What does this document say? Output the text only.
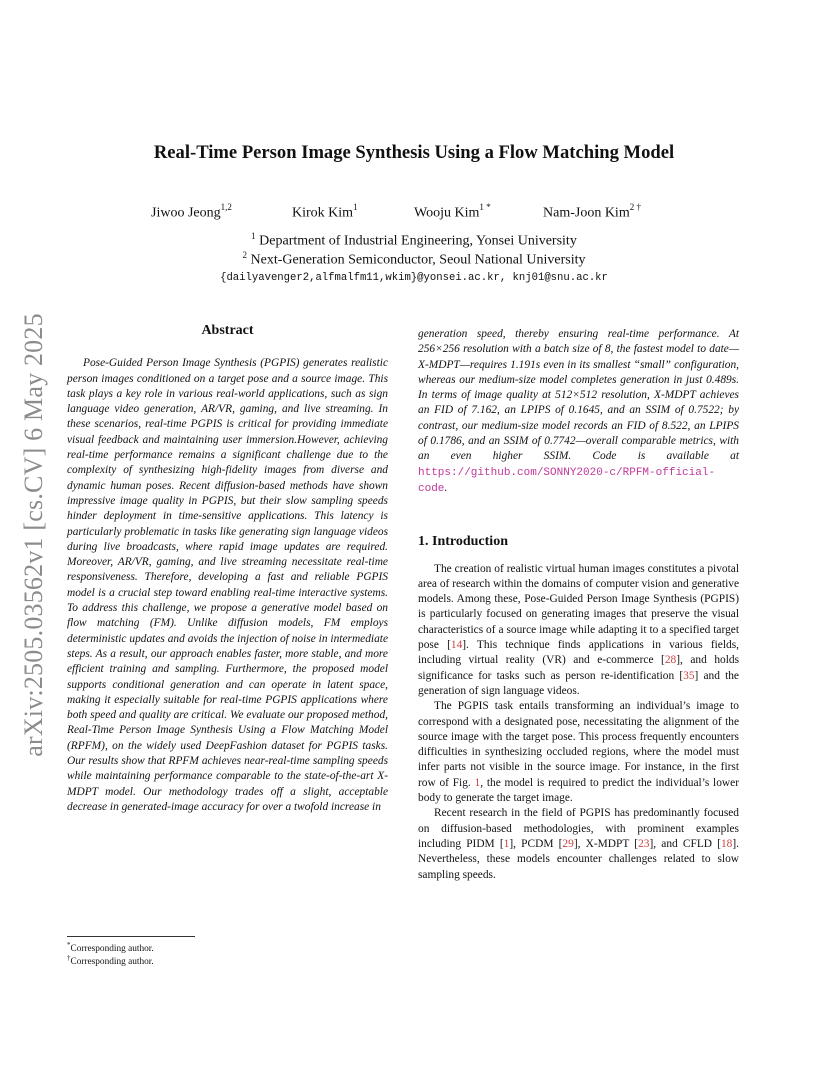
arXiv:2505.03562v1 [cs.CV] 6 May 2025
Real-Time Person Image Synthesis Using a Flow Matching Model
Jiwoo Jeong$^{1,2}$	Kirok Kim$^1$	Wooju Kim$^{1 *}$	Nam-Joon Kim$^{2 \dagger}$
$^1$ Department of Industrial Engineering, Yonsei University
$^2$ Next-Generation Semiconductor, Seoul National University
{dailyavenger2,alfmalfm11,wkim}@yonsei.ac.kr, knj01@snu.ac.kr
Abstract

Pose-Guided Person Image Synthesis (PGPIS) generates realistic person images conditioned on a target pose and a source image. This task plays a key role in various real-world applications, such as sign language video generation, AR/VR, gaming, and live streaming. In these scenarios, real-time PGPIS is critical for providing immediate visual feedback and maintaining user immersion.However, achieving real-time performance remains a significant challenge due to the complexity of synthesizing high-fidelity images from diverse and dynamic human poses. Recent diffusion-based methods have shown impressive image quality in PGPIS, but their slow sampling speeds hinder deployment in time-sensitive applications. This latency is particularly problematic in tasks like generating sign language videos during live broadcasts, where rapid image updates are required. Moreover, AR/VR, gaming, and live streaming necessitate real-time responsiveness. Therefore, developing a fast and reliable PGPIS model is a crucial step toward enabling real-time interactive systems. To address this challenge, we propose a generative model based on flow matching (FM). Unlike diffusion models, FM employs deterministic updates and avoids the injection of noise in intermediate steps. As a result, our approach enables faster, more stable, and more efficient training and sampling. Furthermore, the proposed model supports conditional generation and can operate in latent space, making it especially suitable for real-time PGPIS applications where both speed and quality are critical. We evaluate our proposed method, Real-Time Person Image Synthesis Using a Flow Matching Model (RPFM), on the widely used DeepFashion dataset for PGPIS tasks. Our results show that RPFM achieves near-real-time sampling speeds while maintaining performance comparable to the state-of-the-art X-MDPT model. Our methodology trades off a slight, acceptable decrease in generated-image accuracy for over a twofold increase in

generation speed, thereby ensuring real-time performance. At 256×256 resolution with a batch size of 8, the fastest model to date—X-MDPT—requires 1.191s even in its smallest “small” configuration, whereas our medium-size model completes generation in just 0.489s. In terms of image quality at 512×512 resolution, X-MDPT achieves an FID of 7.162, an LPIPS of 0.1645, and an SSIM of 0.7522; by contrast, our medium-size model records an FID of 8.522, an LPIPS of 0.1786, and an SSIM of 0.7742—overall comparable metrics, with an even higher SSIM. Code is available at https://github.com/SONNY2020-c/RPFM-official-code.

1. Introduction

The creation of realistic virtual human images constitutes a pivotal area of research within the domains of computer vision and generative models. Among these, Pose-Guided Person Image Synthesis (PGPIS) is particularly focused on generating images that preserve the visual characteristics of a source image while adapting it to a specified target pose [14]. This technique finds applications in various fields, including virtual reality (VR) and e-commerce [28], and holds significance for tasks such as person re-identification [35] and the generation of sign language videos.

The PGPIS task entails transforming an individual’s image to correspond with a designated pose, necessitating the alignment of the source image with the target pose. This process frequently encounters difficulties in synthesizing occluded regions, where the model must infer parts not visible in the source image. For instance, in the first row of Fig. 1, the model is required to predict the individual’s lower body to generate the target image.

Recent research in the field of PGPIS has predominantly focused on diffusion-based methodologies, with prominent examples including PIDM [1], PCDM [29], X-MDPT [23], and CFLD [18]. Nevertheless, these models encounter challenges related to slow sampling speeds.

*Corresponding author.
†Corresponding author.
